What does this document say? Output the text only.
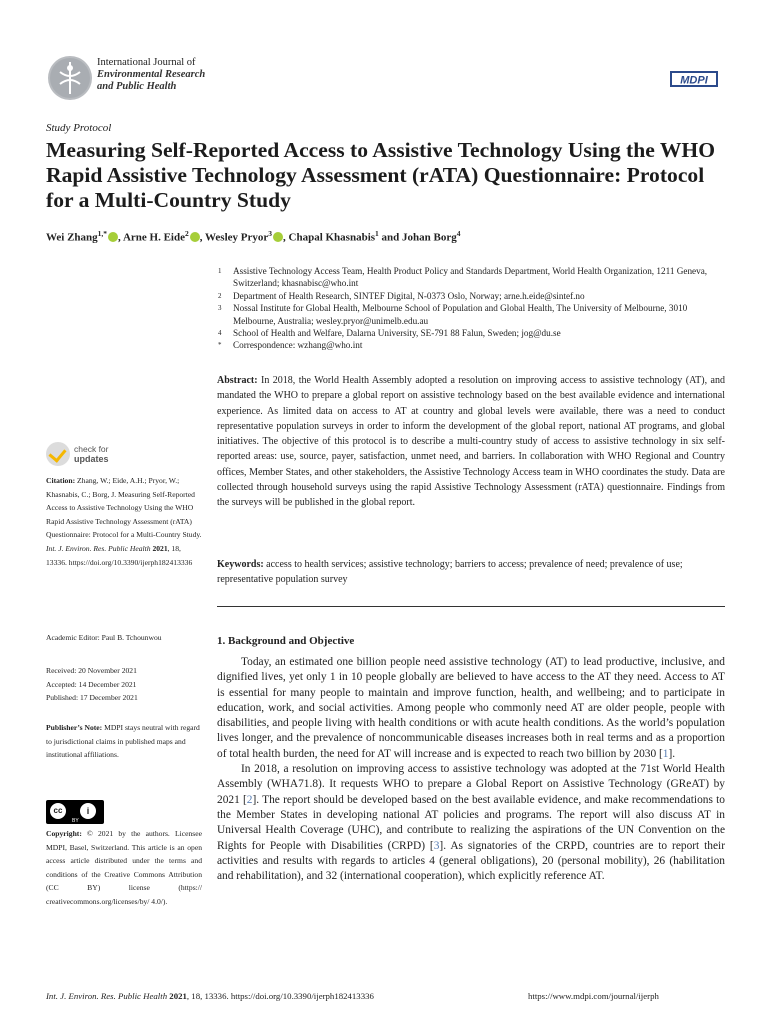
International Journal of
Environmental Research
and Public Health	MDPI
Study Protocol
Measuring Self-Reported Access to Assistive Technology Using the WHO Rapid Assistive Technology Assessment (rATA) Questionnaire: Protocol for a Multi-Country Study
Wei Zhang$^{1,*}$ , Arne H. Eide$^2$ , Wesley Pryor$^3$ , Chapal Khasnabis$^1$ and Johan Borg$^4$
1	Assistive Technology Access Team, Health Product Policy and Standards Department, World Health Organization, 1211 Geneva, Switzerland; khasnabisc@who.int
2	Department of Health Research, SINTEF Digital, N-0373 Oslo, Norway; arne.h.eide@sintef.no
3	Nossal Institute for Global Health, Melbourne School of Population and Global Health, The University of Melbourne, 3010 Melbourne, Australia; wesley.pryor@unimelb.edu.au
4	School of Health and Welfare, Dalarna University, SE-791 88 Falun, Sweden; jog@du.se
*	Correspondence: wzhang@who.int
check for
updates
Citation: Zhang, W.; Eide, A.H.; Pryor, W.; Khasnabis, C.; Borg, J. Measuring Self-Reported Access to Assistive Technology Using the WHO Rapid Assistive Technology Assessment (rATA) Questionnaire: Protocol for a Multi-Country Study. Int. J. Environ. Res. Public Health 2021, 18, 13336. https://doi.org/10.3390/ijerph182413336
Academic Editor: Paul B. Tchounwou
Received: 20 November 2021
Accepted: 14 December 2021
Published: 17 December 2021
Publisher’s Note: MDPI stays neutral with regard to jurisdictional claims in published maps and institutional affiliations.
cc	i
BY
Copyright: © 2021 by the authors. Licensee MDPI, Basel, Switzerland. This article is an open access article distributed under the terms and conditions of the Creative Commons Attribution (CC BY) license (https:// creativecommons.org/licenses/by/ 4.0/).
Abstract: In 2018, the World Health Assembly adopted a resolution on improving access to assistive technology (AT), and mandated the WHO to prepare a global report on assistive technology based on the best available evidence and international experience. As limited data on access to AT at country and global levels were available, there was a need to conduct representative population surveys in order to inform the development of the global report, national AT programs, and global initiatives. The objective of this protocol is to describe a multi-country study of access to assistive technology in six self-reported areas: use, source, payer, satisfaction, unmet need, and barriers. In collaboration with WHO Regional and Country offices, Member States, and other stakeholders, the Assistive Technology Access team in WHO coordinates the study. Data are collected through household surveys using the rapid Assistive Technology Assessment (rATA) questionnaire. Findings from the surveys will be published in the global report.
Keywords: access to health services; assistive technology; barriers to access; prevalence of need; prevalence of use; representative population survey
1. Background and Objective

Today, an estimated one billion people need assistive technology (AT) to lead productive, inclusive, and dignified lives, yet only 1 in 10 people globally are believed to have access to the AT they need. Access to AT is essential for many people to maintain and improve function, health, and wellbeing; and to participate in education, work, and social activities. Among people who commonly need AT are older people, people with disabilities, and people living with health conditions or with acute health conditions. As the world’s population lives longer, and the prevalence of noncommunicable diseases increases both in real terms and as a proportion of total health burden, the need for AT will increase and is expected to reach two billion by 2030 [1].

In 2018, a resolution on improving access to assistive technology was adopted at the 71st World Health Assembly (WHA71.8). It requests WHO to prepare a Global Report on Assistive Technology (GReAT) by 2021 [2]. The report should be developed based on the best available evidence, and make recommendations to the Member States in developing national AT policies and programs. The report will also discuss AT in Universal Health Coverage (UHC), and contribute to realizing the aspirations of the UN Convention on the Rights for People with Disabilities (CRPD) [3]. As signatories of the CRPD, countries are to report their activities and results with regards to articles 4 (general obligations), 20 (personal mobility), 26 (habilitation and rehabilitation), and 32 (international cooperation), which explicitly reference AT.

Int. J. Environ. Res. Public Health 2021, 18, 13336. https://doi.org/10.3390/ijerph182413336	https://www.mdpi.com/journal/ijerph
